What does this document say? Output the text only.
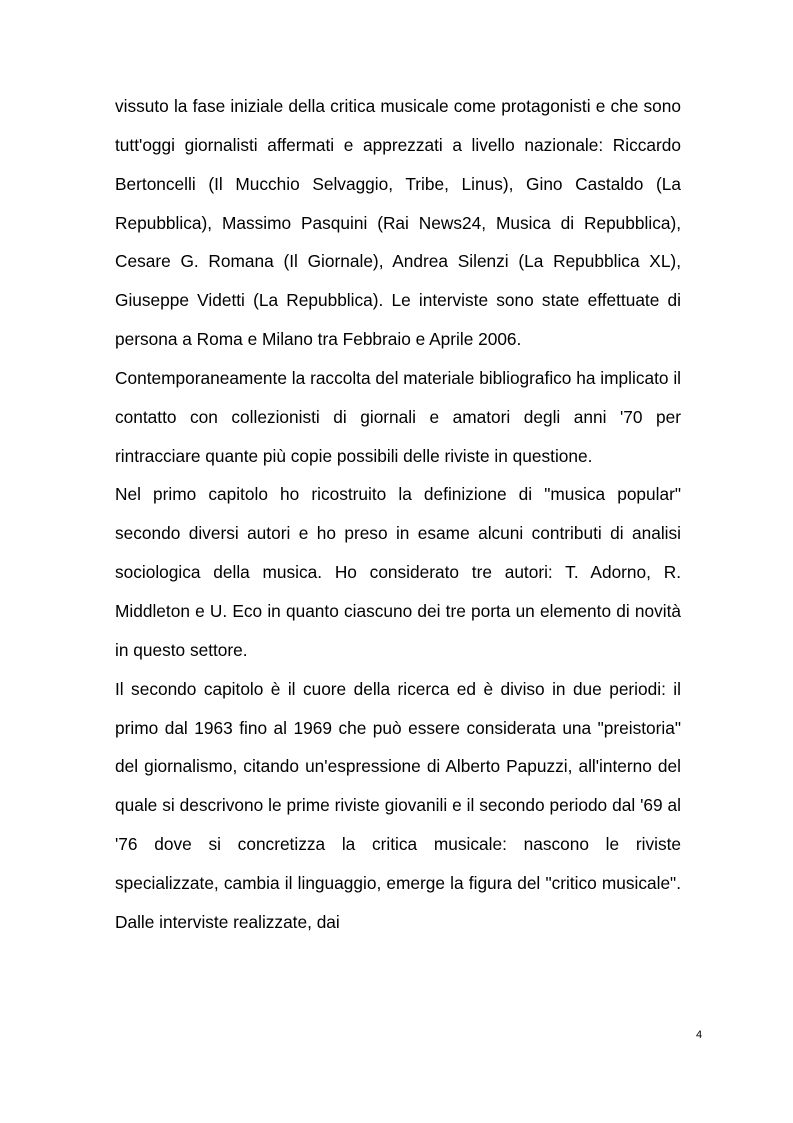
vissuto la fase iniziale della critica musicale come protagonisti e che sono tutt'oggi giornalisti affermati e apprezzati a livello nazionale: Riccardo Bertoncelli (Il Mucchio Selvaggio, Tribe, Linus), Gino Castaldo (La Repubblica), Massimo Pasquini (Rai News24, Musica di Repubblica), Cesare G. Romana (Il Giornale), Andrea Silenzi (La Repubblica XL), Giuseppe Videtti (La Repubblica). Le interviste sono state effettuate di persona a Roma e Milano tra Febbraio e Aprile 2006.

Contemporaneamente la raccolta del materiale bibliografico ha implicato il contatto con collezionisti di giornali e amatori degli anni '70 per rintracciare quante più copie possibili delle riviste in questione.

Nel primo capitolo ho ricostruito la definizione di "musica popular" secondo diversi autori e ho preso in esame alcuni contributi di analisi sociologica della musica. Ho considerato tre autori: T. Adorno, R. Middleton e U. Eco in quanto ciascuno dei tre porta un elemento di novità in questo settore.

Il secondo capitolo è il cuore della ricerca ed è diviso in due periodi: il primo dal 1963 fino al 1969 che può essere considerata una "preistoria" del giornalismo, citando un'espressione di Alberto Papuzzi, all'interno del quale si descrivono le prime riviste giovanili e il secondo periodo dal '69 al '76 dove si concretizza la critica musicale: nascono le riviste specializzate, cambia il linguaggio, emerge la figura del "critico musicale". Dalle interviste realizzate, dai

4
